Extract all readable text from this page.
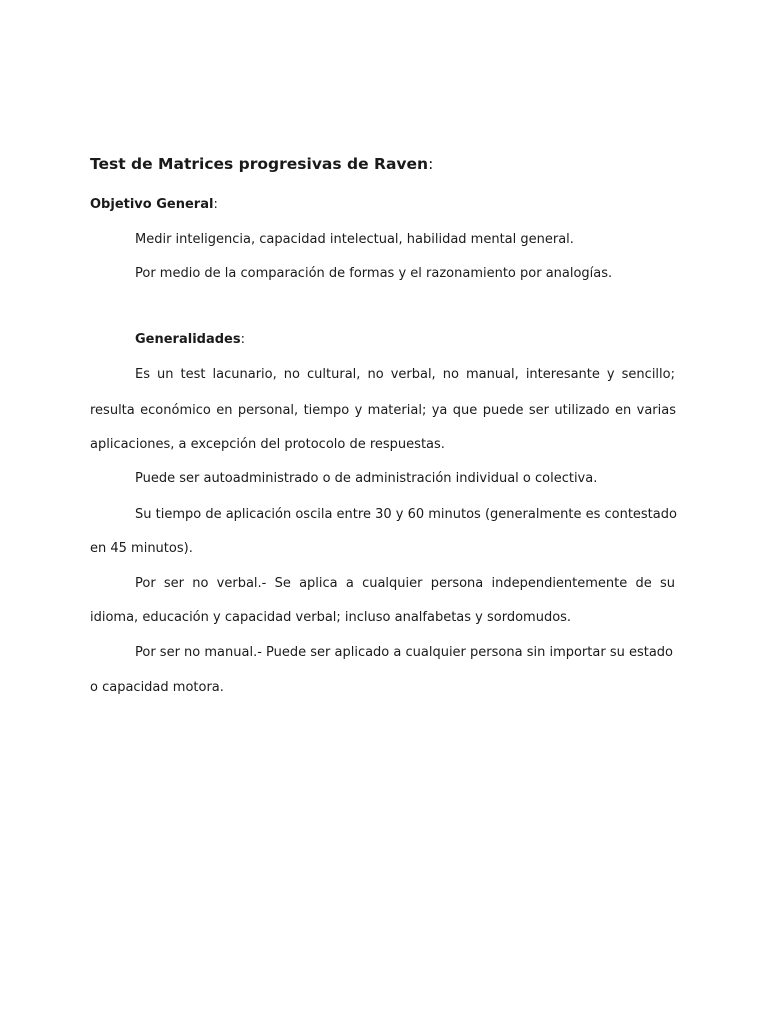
Test de Matrices progresivas de Raven:
Objetivo General:
Medir inteligencia, capacidad intelectual, habilidad mental general.
Por medio de la comparación de formas y el razonamiento por analogías.
Generalidades:
Es un test lacunario, no cultural, no verbal, no manual, interesante y sencillo;
resulta económico en personal, tiempo y material; ya que puede ser utilizado en varias
aplicaciones, a excepción del protocolo de respuestas.
Puede ser autoadministrado o de administración individual o colectiva.
Su tiempo de aplicación oscila entre 30 y 60 minutos (generalmente es contestado
en 45 minutos).
Por ser no verbal.- Se aplica a cualquier persona independientemente de su
idioma, educación y capacidad verbal; incluso analfabetas y sordomudos.
Por ser no manual.- Puede ser aplicado a cualquier persona sin importar su estado
o capacidad motora.
